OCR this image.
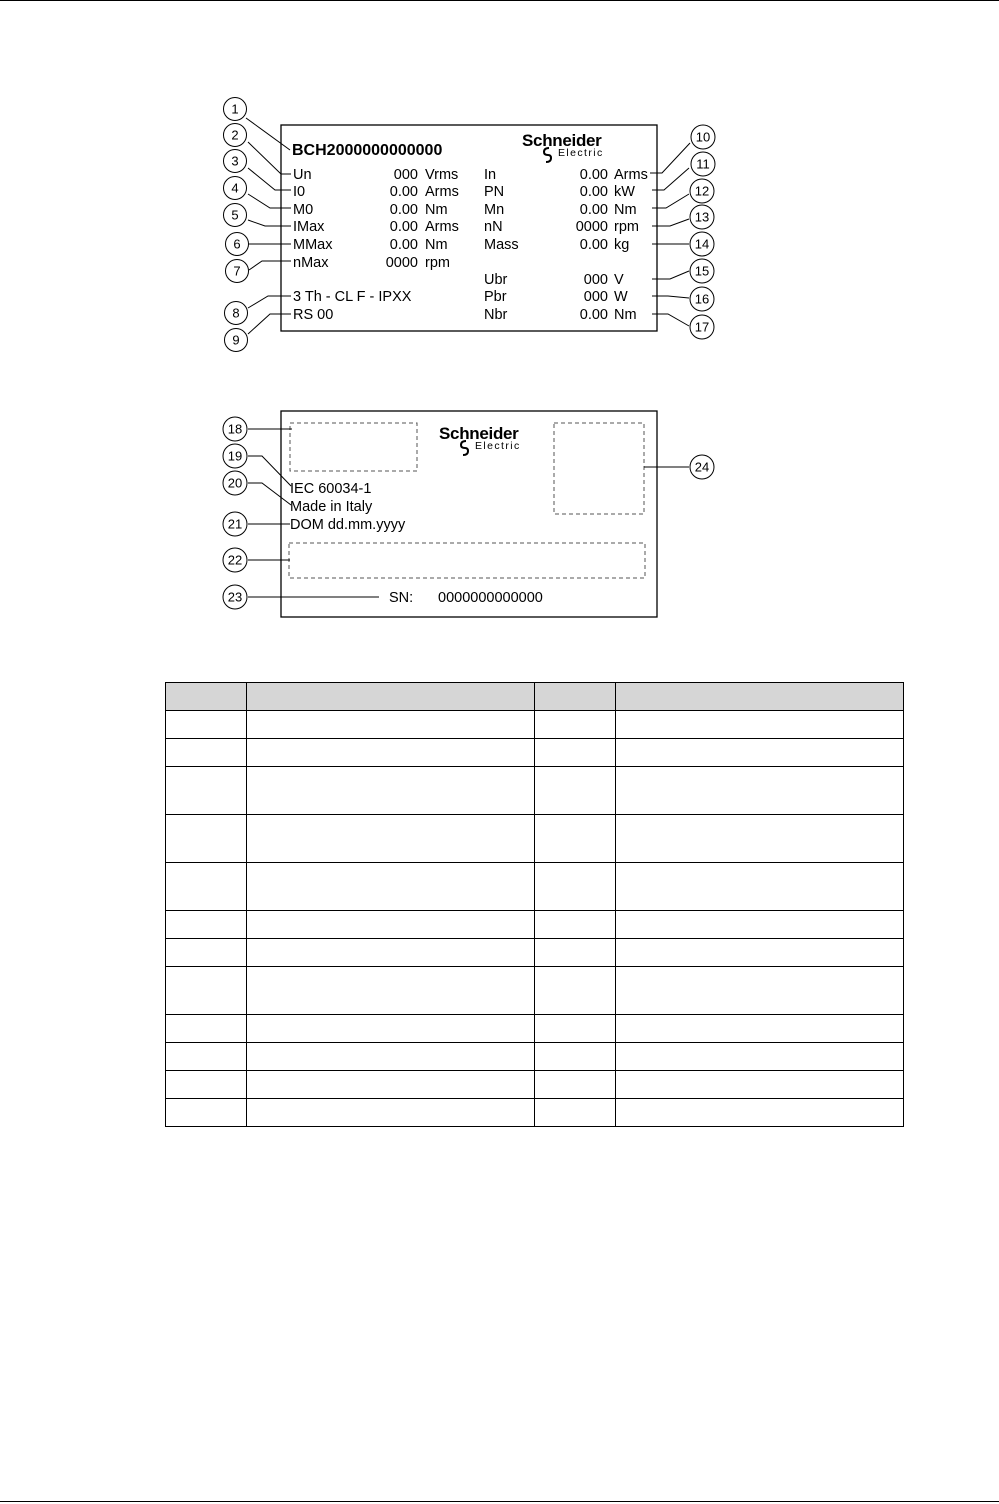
Schneider
Electric
BCH2000000000000
Un	000 Vrms
I0	0.00 Arms
M0	0.00 Nm
IMax	0.00 Arms
MMax	0.00 Nm
nMax	0000 rpm
3 Th - CL F - IPXX
RS 00
In	0.00 Arms
PN	0.00 kW
Mn	0.00 Nm
nN	0000 rpm
Mass	0.00 kg
Ubr	000 V
Pbr	000 W
Nbr	0.00 Nm
Schneider
Electric
IEC 60034-1
Made in Italy
DOM dd.mm.yyyy
SN: 0000000000000
1
2
3
4
5
6
7
8
9
10
11
12
13
14
15
16
17
18
19
20
21
22
23
24
